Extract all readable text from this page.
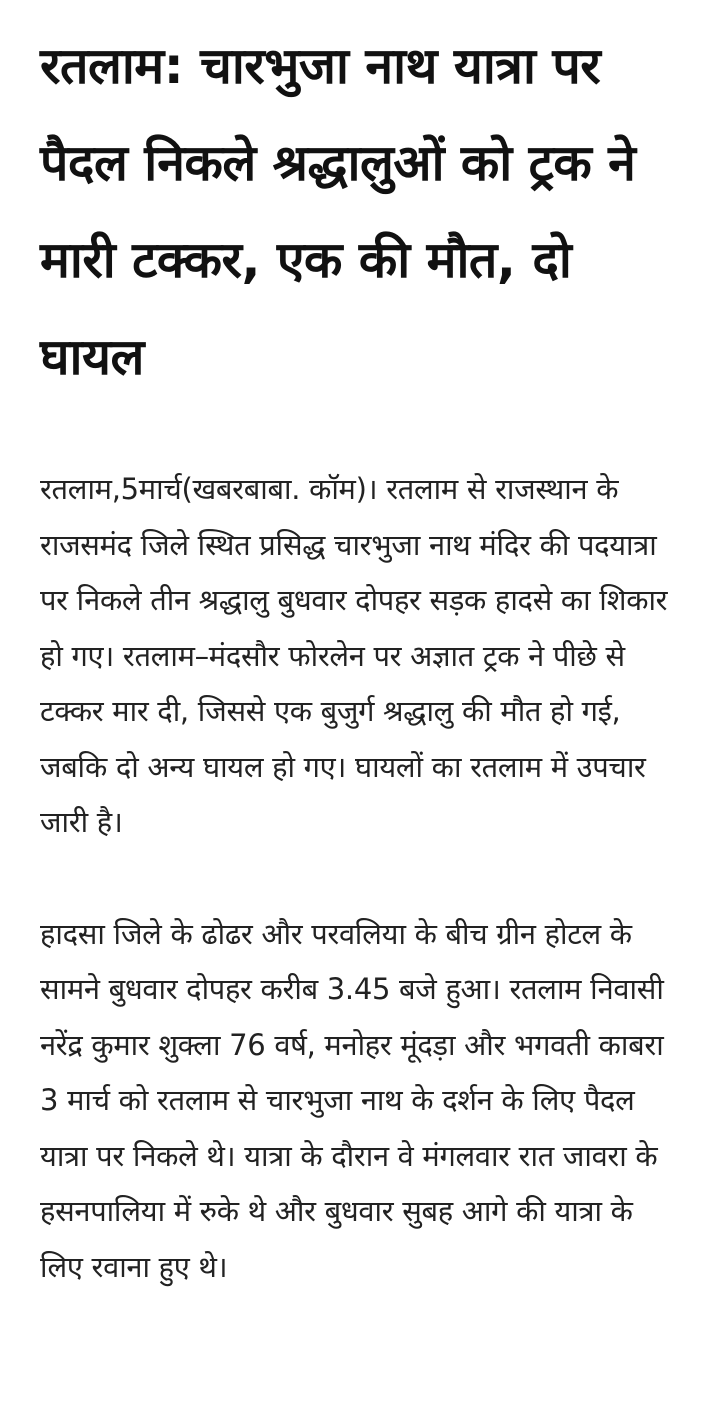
रतलाम: चारभुजा नाथ यात्रा पर पैदल निकले श्रद्धालुओं को ट्रक ने मारी टक्कर, एक की मौत, दो घायल

रतलाम,5मार्च(खबरबाबा. कॉम)। रतलाम से राजस्थान के राजसमंद जिले स्थित प्रसिद्ध चारभुजा नाथ मंदिर की पदयात्रा पर निकले तीन श्रद्धालु बुधवार दोपहर सड़क हादसे का शिकार हो गए। रतलाम–मंदसौर फोरलेन पर अज्ञात ट्रक ने पीछे से टक्कर मार दी, जिससे एक बुजुर्ग श्रद्धालु की मौत हो गई, जबकि दो अन्य घायल हो गए। घायलों का रतलाम में उपचार जारी है।

हादसा जिले के ढोढर और परवलिया के बीच ग्रीन होटल के सामने बुधवार दोपहर करीब 3.45 बजे हुआ। रतलाम निवासी नरेंद्र कुमार शुक्ला 76 वर्ष, मनोहर मूंदड़ा और भगवती काबरा 3 मार्च को रतलाम से चारभुजा नाथ के दर्शन के लिए पैदल यात्रा पर निकले थे। यात्रा के दौरान वे मंगलवार रात जावरा के हसनपालिया में रुके थे और बुधवार सुबह आगे की यात्रा के लिए रवाना हुए थे।
